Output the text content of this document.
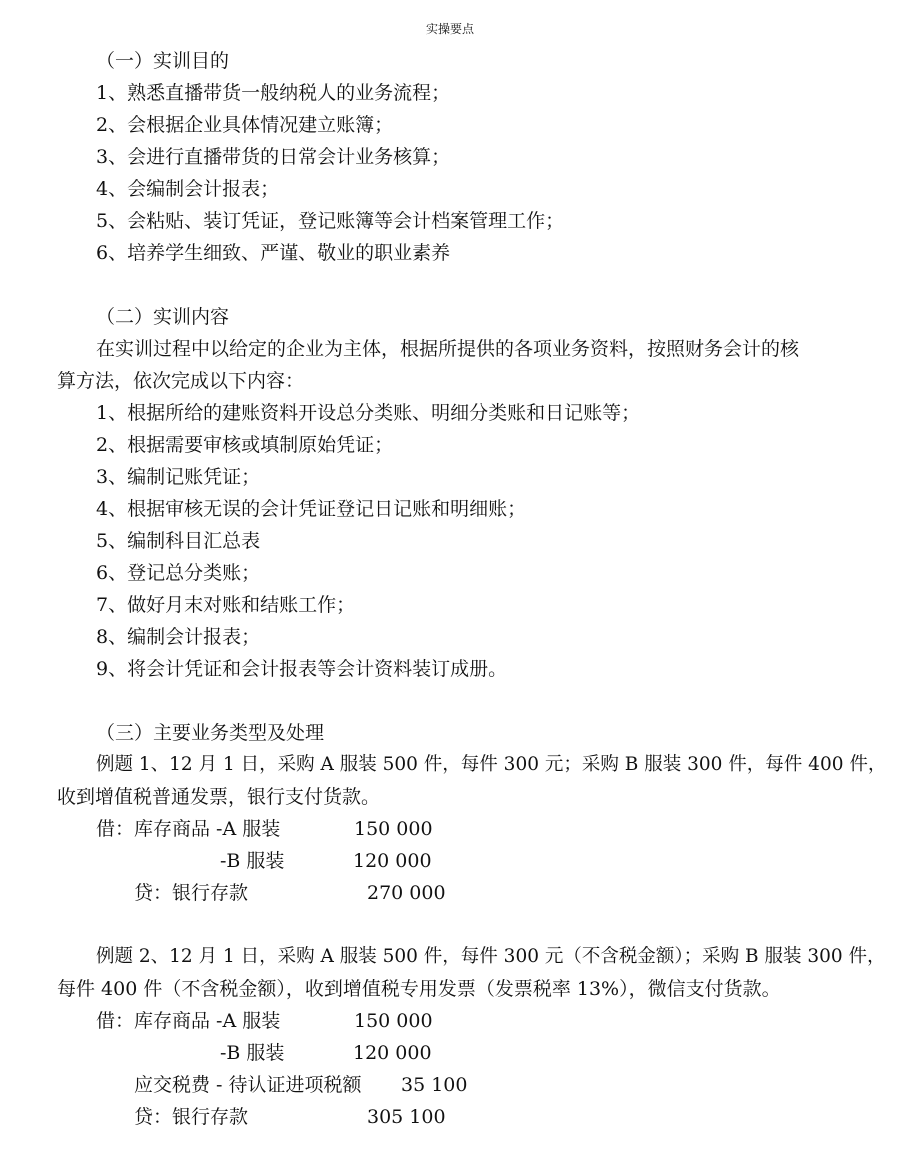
实操要点
（一）实训目的
1、熟悉直播带货一般纳税人的业务流程；
2、会根据企业具体情况建立账簿；
3、会进行直播带货的日常会计业务核算；
4、会编制会计报表；
5、会粘贴、装订凭证，登记账簿等会计档案管理工作；
6、培养学生细致、严谨、敬业的职业素养
（二）实训内容
在实训过程中以给定的企业为主体，根据所提供的各项业务资料，按照财务会计的核
算方法，依次完成以下内容：
1、根据所给的建账资料开设总分类账、明细分类账和日记账等；
2、根据需要审核或填制原始凭证；
3、编制记账凭证；
4、根据审核无误的会计凭证登记日记账和明细账；
5、编制科目汇总表
6、登记总分类账；
7、做好月末对账和结账工作；
8、编制会计报表；
9、将会计凭证和会计报表等会计资料装订成册。
（三）主要业务类型及处理
例题 1、12 月 1 日，采购 A 服装 500 件，每件 300 元；采购 B 服装 300 件，每件 400 件，
收到增值税普通发票，银行支付货款。
借：库存商品 -A 服装	150 000
-B 服装	120 000
贷：银行存款	270 000
例题 2、12 月 1 日，采购 A 服装 500 件，每件 300 元（不含税金额）；采购 B 服装 300 件，
每件 400 件（不含税金额），收到增值税专用发票（发票税率 13%），微信支付货款。
借：库存商品 -A 服装	150 000
-B 服装	120 000
应交税费 - 待认证进项税额 35 100
贷：银行存款	305 100
